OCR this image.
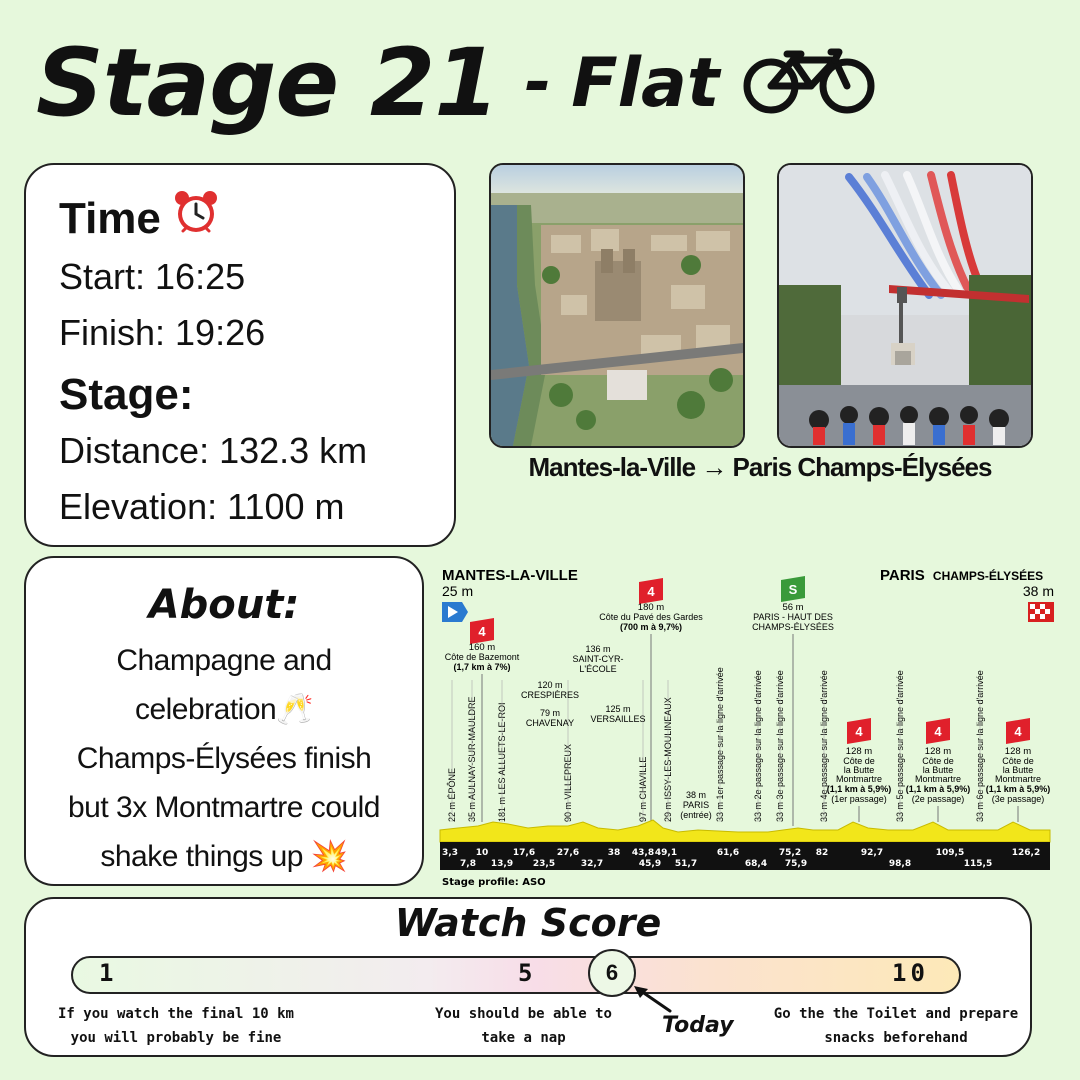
Stage 21 - Flat
Time
Start: 16:25
Finish: 19:26
Stage:
Distance: 132.3 km
Elevation: 1100 m
Mantes-la-Ville → Paris Champs-Élysées
About:
Champagne and
celebration🥂
Champs-Élysées finish
but 3x Montmartre could
shake things up 💥
MANTES-LA-VILLE
25 m
PARIS CHAMPS-ÉLYSÉES
38 m
4
160 m
Côte de Bazemont
(1,7 km à 7%)
4
180 m
Côte du Pavé des Gardes
(700 m à 9,7%)
4
128 m
Côte de
la Butte
Montmartre
(1,1 km à 5,9%)
(1er passage)
4
128 m
Côte de
la Butte
Montmartre
(1,1 km à 5,9%)
(2e passage)
4
128 m
Côte de
la Butte
Montmartre
(1,1 km à 5,9%)
(3e passage)
S
56 m
PARIS - HAUT DES
CHAMPS-ÉLYSÉES
22 m ÉPÔNE 35 m AULNAY-SUR-MAULDRE 181 m LES ALLUETS-LE-ROI	90 m VILLEPREUX	97 m CHAVILLE 29 m ISSY-LES-MOULINEAUX	33 m 1er passage sur la ligne d'arrivée	33 m 2e passage sur la ligne d'arrivée 33 m 3e passage sur la ligne d'arrivée	33 m 4e passage sur la ligne d'arrivée	33 m 5e passage sur la ligne d'arrivée	33 m 6e passage sur la ligne d'arrivée
120 m
CRESPIÈRES
79 m
CHAVENAY
136 m
SAINT-CYR-
L'ÉCOLE
125 m
VERSAILLES
38 m
PARIS
(entrée)
3,3 10	17,6 27,6	38 43,8 49,1	61,6	75,2 82	92,7	109,5	126,2
7,8 13,9 23,5	32,7	45,9 51,7	68,4 75,9	98,8	115,5
Stage profile: ASO
Watch Score
1	5	10
6
Today
If you watch the final 10 km you will probably be fine
You should be able to take a nap
Go the the Toilet and prepare snacks beforehand
